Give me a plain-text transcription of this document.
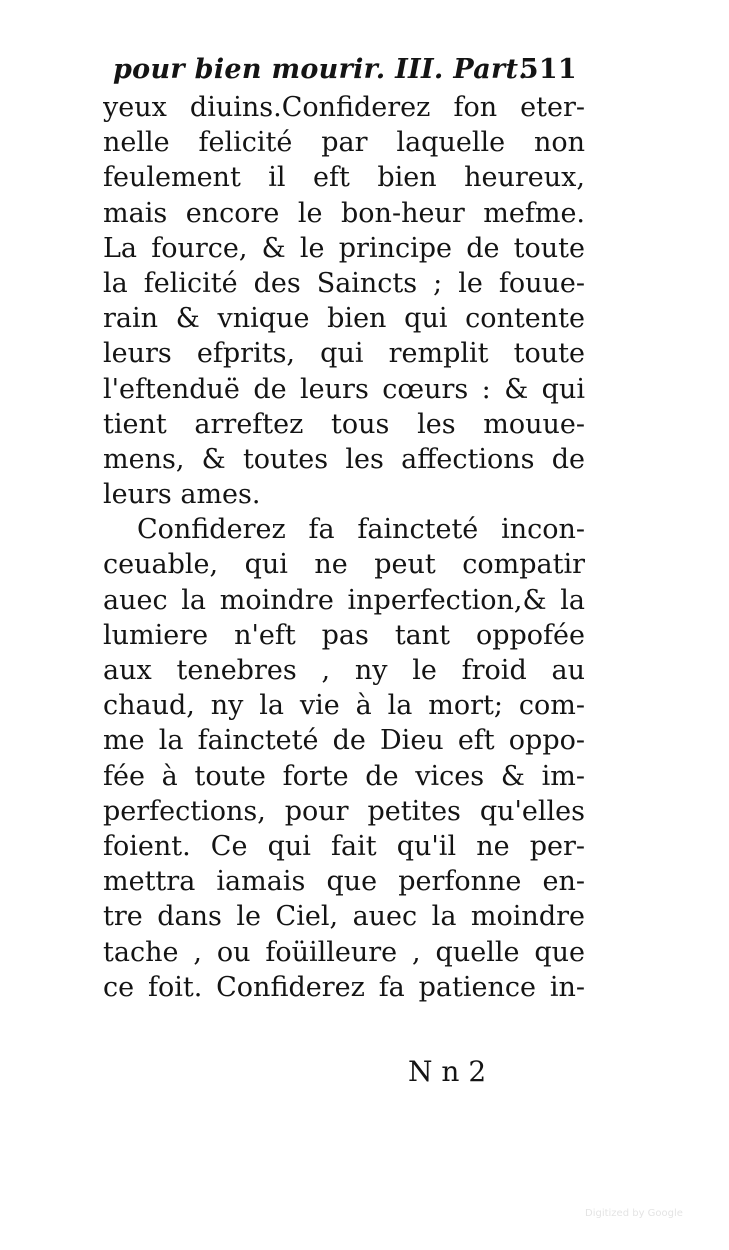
pour bien mourir. III. Part.
511
yeux diuins.Confiderez fon eter-
nelle felicité par laquelle non
feulement il eft bien heureux,
mais encore le bon-heur mefme.
La fource, & le principe de toute
la felicité des Saincts ; le fouue-
rain & vnique bien qui contente
leurs efprits, qui remplit toute
l'eftenduë de leurs cœurs : & qui
tient arreftez tous les mouue-
mens, & toutes les affections de
leurs ames.
Confiderez fa faincteté incon-
ceuable, qui ne peut compatir
auec la moindre inperfection,& la
lumiere n'eft pas tant oppofée
aux tenebres , ny le froid au
chaud, ny la vie à la mort; com-
me la faincteté de Dieu eft oppo-
fée à toute forte de vices & im-
perfections, pour petites qu'elles
foient. Ce qui fait qu'il ne per-
mettra iamais que perfonne en-
tre dans le Ciel, auec la moindre
tache , ou foüilleure , quelle que
ce foit. Confiderez fa patience in-
N n 2
Digitized by Google
